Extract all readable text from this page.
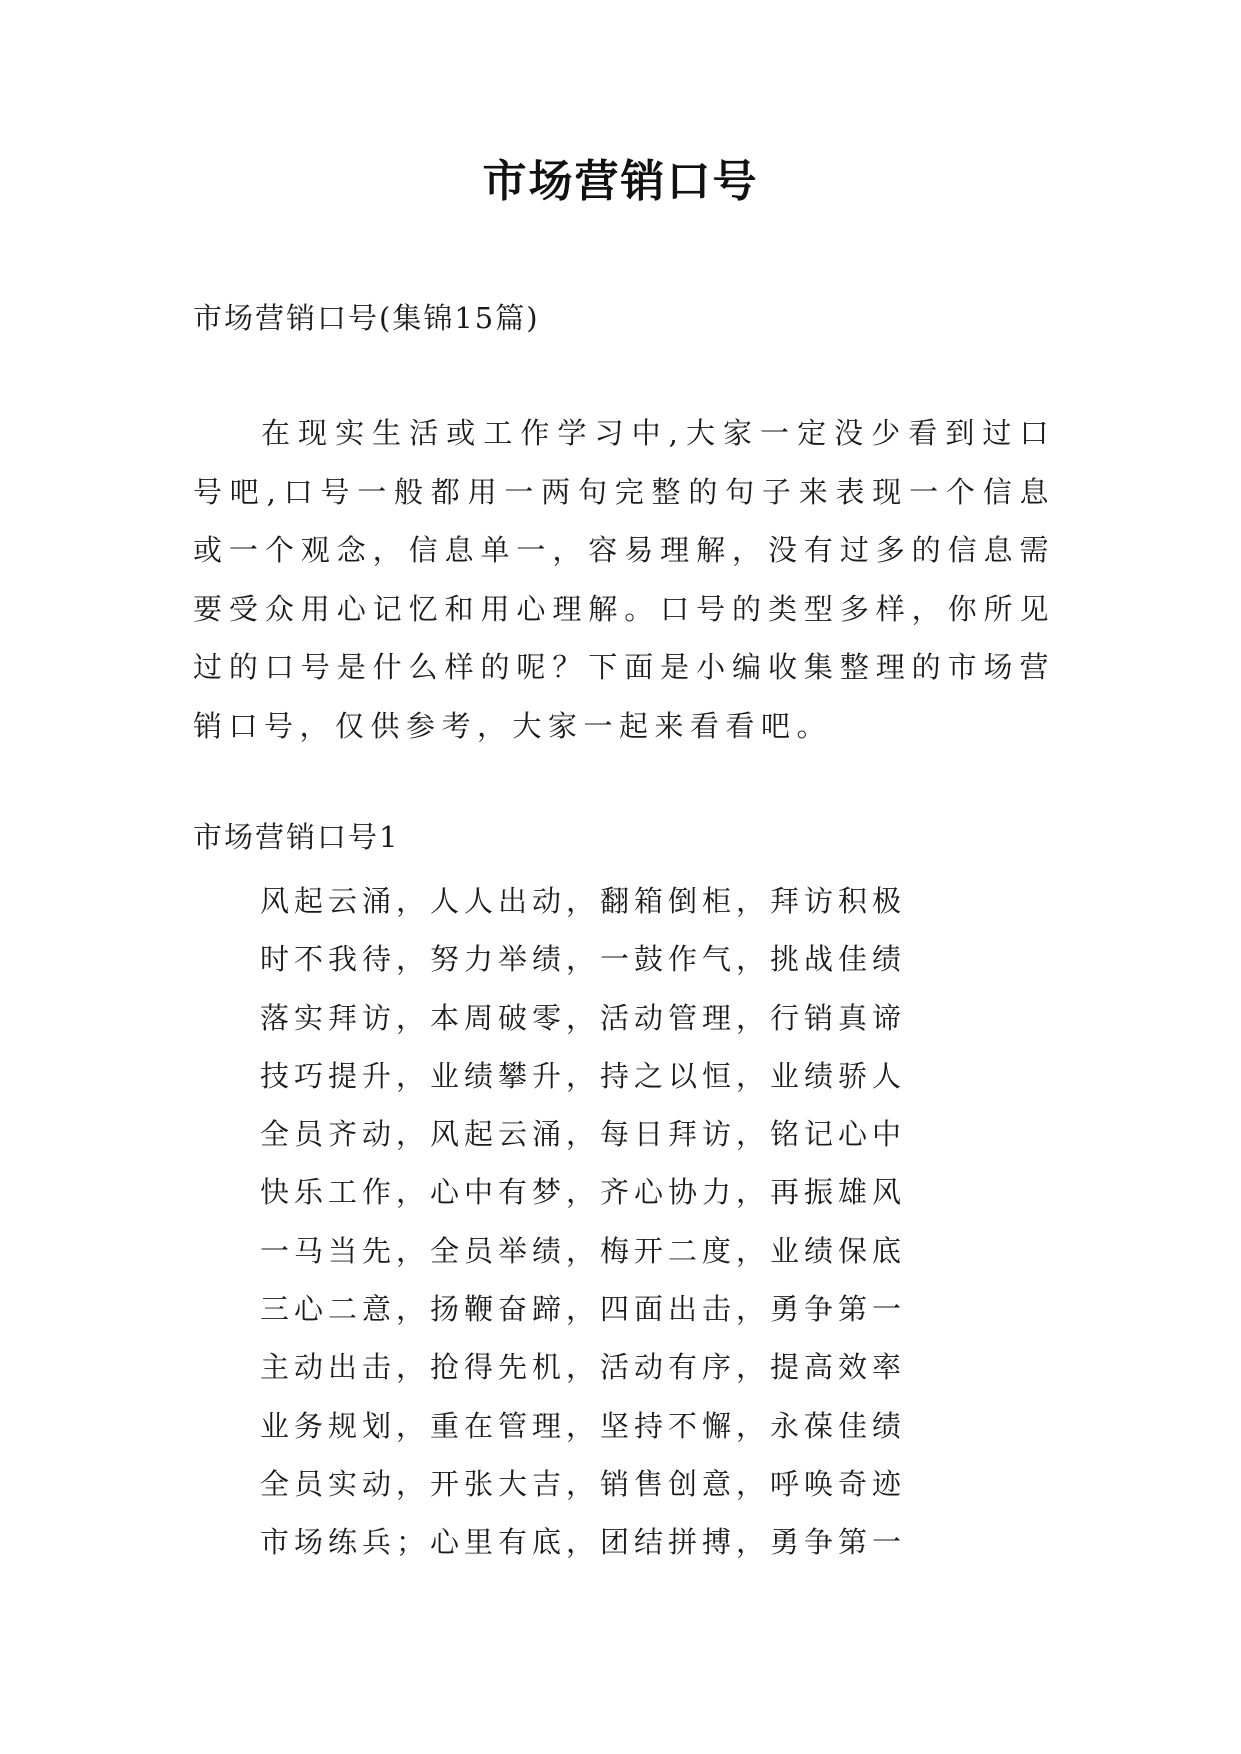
市场营销口号
市场营销口号(集锦15篇)

在现实生活或工作学习中,大家一定没少看到过口号吧,口号一般都用一两句完整的句子来表现一个信息或一个观念，信息单一，容易理解，没有过多的信息需要受众用心记忆和用心理解。口号的类型多样，你所见过的口号是什么样的呢？下面是小编收集整理的市场营销口号，仅供参考，大家一起来看看吧。

市场营销口号1
风起云涌，人人出动，翻箱倒柜，拜访积极
时不我待，努力举绩，一鼓作气，挑战佳绩
落实拜访，本周破零，活动管理，行销真谛
技巧提升，业绩攀升，持之以恒，业绩骄人
全员齐动，风起云涌，每日拜访，铭记心中
快乐工作，心中有梦，齐心协力，再振雄风
一马当先，全员举绩，梅开二度，业绩保底
三心二意，扬鞭奋蹄，四面出击，勇争第一
主动出击，抢得先机，活动有序，提高效率
业务规划，重在管理，坚持不懈，永葆佳绩
全员实动，开张大吉，销售创意，呼唤奇迹
市场练兵；心里有底，团结拼搏，勇争第一
